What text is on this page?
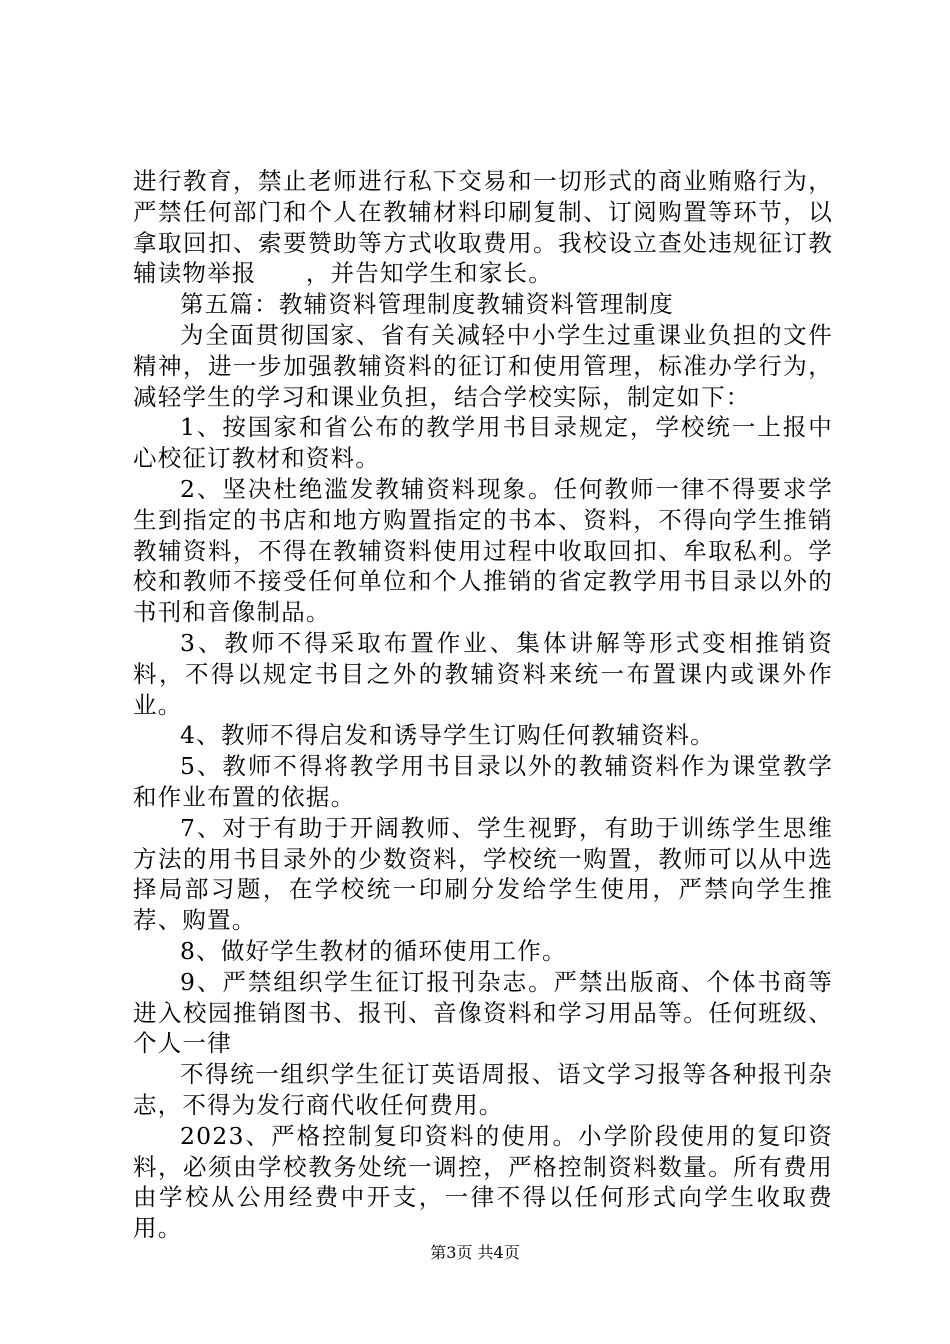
进行教育，禁止老师进行私下交易和一切形式的商业贿赂行为，严禁任何部门和个人在教辅材料印刷复制、订阅购置等环节，以拿取回扣、索要赞助等方式收取费用。我校设立查处违规征订教辅读物举报　　，并告知学生和家长。

第五篇：教辅资料管理制度教辅资料管理制度

为全面贯彻国家、省有关减轻中小学生过重课业负担的文件精神，进一步加强教辅资料的征订和使用管理，标准办学行为，减轻学生的学习和课业负担，结合学校实际，制定如下：

1、按国家和省公布的教学用书目录规定，学校统一上报中心校征订教材和资料。

2、坚决杜绝滥发教辅资料现象。任何教师一律不得要求学生到指定的书店和地方购置指定的书本、资料，不得向学生推销教辅资料，不得在教辅资料使用过程中收取回扣、牟取私利。学校和教师不接受任何单位和个人推销的省定教学用书目录以外的书刊和音像制品。

3、教师不得采取布置作业、集体讲解等形式变相推销资料，不得以规定书目之外的教辅资料来统一布置课内或课外作业。

4、教师不得启发和诱导学生订购任何教辅资料。

5、教师不得将教学用书目录以外的教辅资料作为课堂教学和作业布置的依据。

7、对于有助于开阔教师、学生视野，有助于训练学生思维方法的用书目录外的少数资料，学校统一购置，教师可以从中选择局部习题，在学校统一印刷分发给学生使用，严禁向学生推荐、购置。

8、做好学生教材的循环使用工作。

9、严禁组织学生征订报刊杂志。严禁出版商、个体书商等进入校园推销图书、报刊、音像资料和学习用品等。任何班级、个人一律

不得统一组织学生征订英语周报、语文学习报等各种报刊杂志，不得为发行商代收任何费用。

2023、严格控制复印资料的使用。小学阶段使用的复印资料，必须由学校教务处统一调控，严格控制资料数量。所有费用由学校从公用经费中开支，一律不得以任何形式向学生收取费用。

第3页 共4页
